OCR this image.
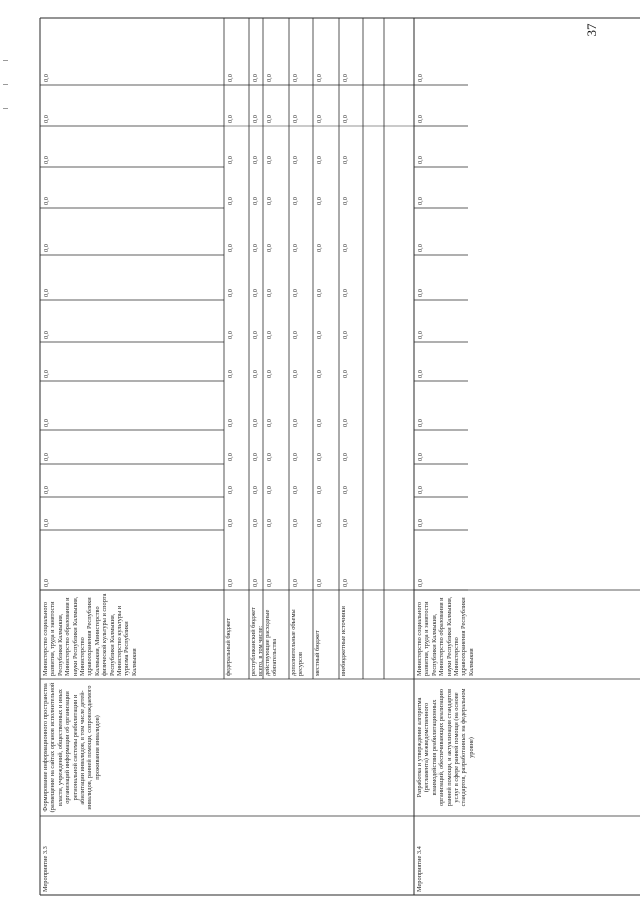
37
Мероприятие 3.3
Формирование информационного пространства (размещение на сайтах органов исполнительной власти, учреждений, общественных и иных организаций информации об организации региональной системы реабилитации и абилитации инвалидов, в том числе детей-инвалидов, ранней помощи, сопровождаемого проживания инвалидов)
Министерство социального развития, труда и занятости Республики Калмыкия, Министерство образования и науки Республики Калмыкия, Министерство здравоохранения Республики Калмыкия, Министерство физической культуры и спорта Республики Калмыкия, Министерство культуры и туризма Республики Калмыкия
0,0
0,0
0,0
0,0
0,0
0,0
0,0
0,0
0,0
0,0
0,0
0,0
0,0
федеральный бюджет
0,0
0,0
0,0
0,0
0,0
0,0
0,0
0,0
0,0
0,0
0,0
0,0
0,0
республиканский бюджет всего, в том числе:
0,0
0,0
0,0
0,0
0,0
0,0
0,0
0,0
0,0
0,0
0,0
0,0
0,0
действующие расходные обязательства
0,0
0,0
0,0
0,0
0,0
0,0
0,0
0,0
0,0
0,0
0,0
0,0
0,0
дополнительные объемы ресурсов
0,0
0,0
0,0
0,0
0,0
0,0
0,0
0,0
0,0
0,0
0,0
0,0
0,0
местный бюджет
0,0
0,0
0,0
0,0
0,0
0,0
0,0
0,0
0,0
0,0
0,0
0,0
0,0
внебюджетные источники
0,0
0,0
0,0
0,0
0,0
0,0
0,0
0,0
0,0
0,0
0,0
0,0
0,0
Мероприятие 3.4
Разработка и утверждение алгоритма (регламента) межведомственного взаимодействия реабилитационных организаций, обеспечивающих реализацию ранней помощи, и актуализация стандартов услуг в сфере ранней помощи (на основе стандартов, разработанных на федеральном уровне)
Министерство социального развития, труда и занятости Республики Калмыкия, Министерство образования и науки Республики Калмыкия, Министерство здравоохранения Республики Калмыкия
0,0
0,0
0,0
0,0
0,0
0,0
0,0
0,0
0,0
0,0
0,0
0,0
0,0
